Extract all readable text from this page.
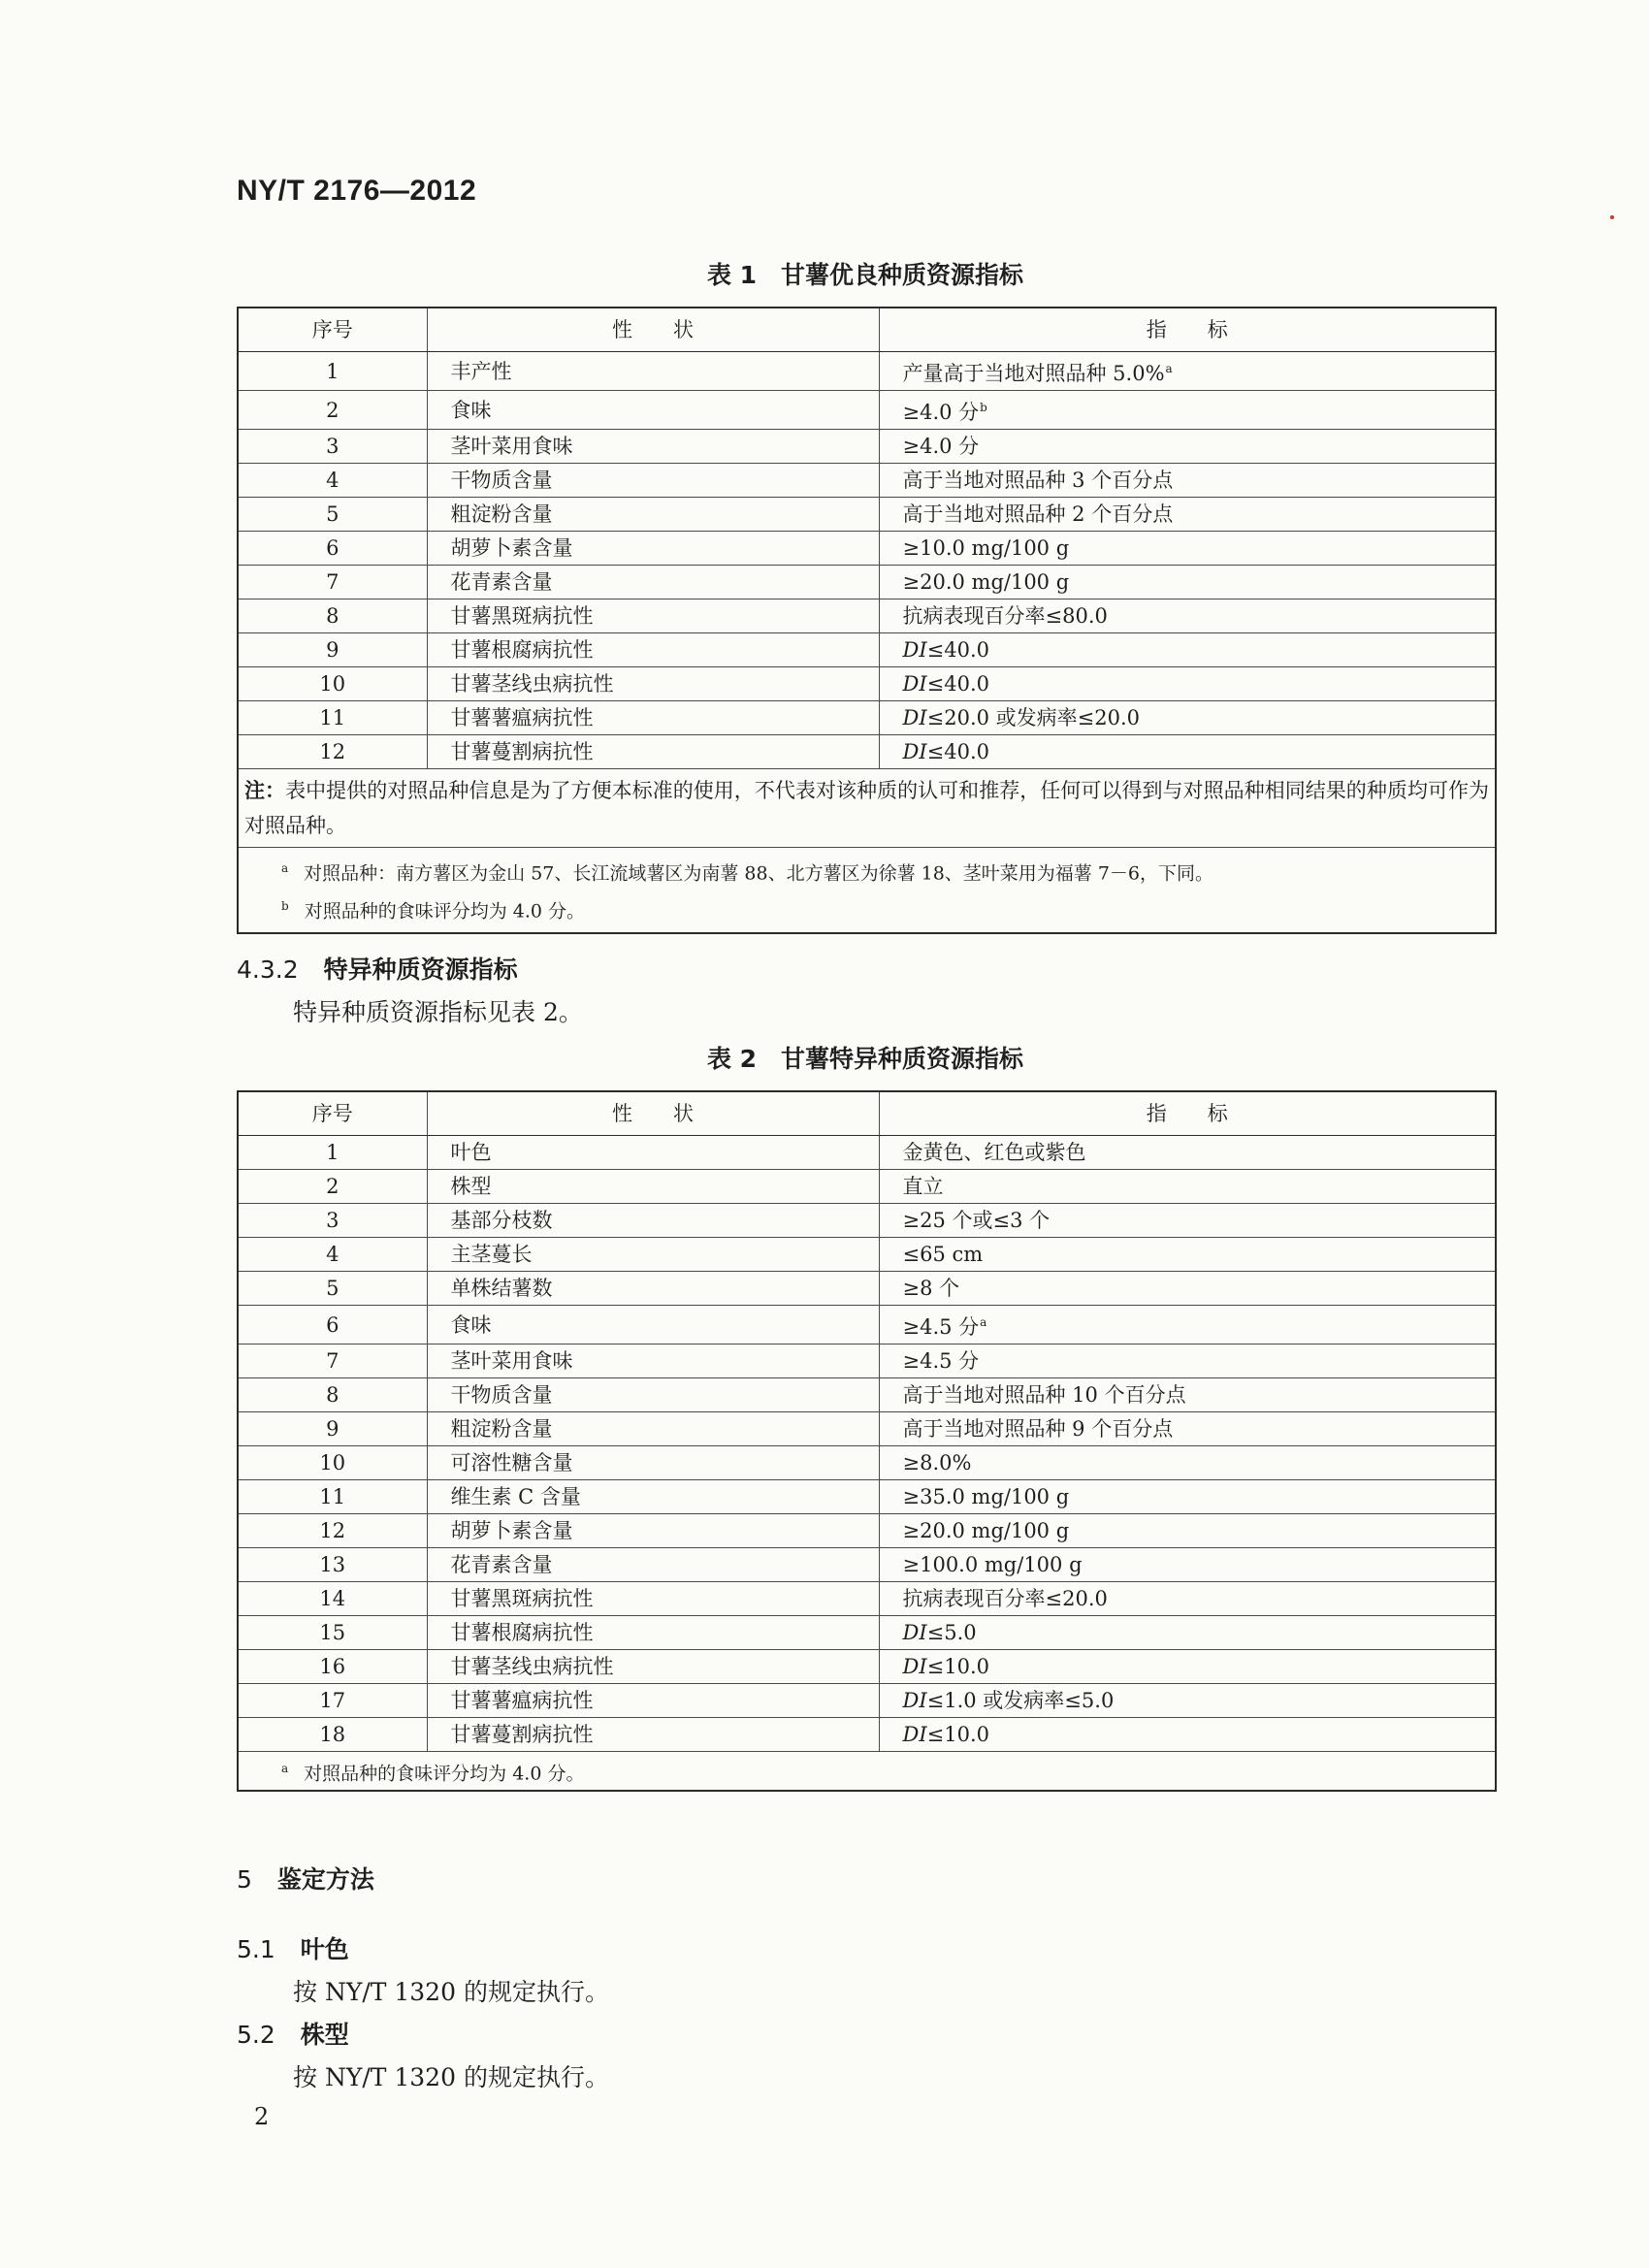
NY/T 2176—2012
表 1　甘薯优良种质资源指标
序号	性　　状	指　　标
1	丰产性	产量高于当地对照品种 5.0%$^a$
2	食味	≥4.0 分$^b$
3	茎叶菜用食味	≥4.0 分
4	干物质含量	高于当地对照品种 3 个百分点
5	粗淀粉含量	高于当地对照品种 2 个百分点
6	胡萝卜素含量	≥10.0 mg/100 g
7	花青素含量	≥20.0 mg/100 g
8	甘薯黑斑病抗性	抗病表现百分率≤80.0
9	甘薯根腐病抗性	DI≤40.0
10	甘薯茎线虫病抗性	DI≤40.0
11	甘薯薯瘟病抗性	DI≤20.0 或发病率≤20.0
12	甘薯蔓割病抗性	DI≤40.0
注：表中提供的对照品种信息是为了方便本标准的使用，不代表对该种质的认可和推荐，任何可以得到与对照品种相同结果的种质均可作为对照品种。		

$^a$ 对照品种：南方薯区为金山 57、长江流域薯区为南薯 88、北方薯区为徐薯 18、茎叶菜用为福薯 7－6，下同。
$^b$ 对照品种的食味评分均为 4.0 分。		
4.3.2 特异种质资源指标
特异种质资源指标见表 2。
表 2　甘薯特异种质资源指标
序号	性　　状	指　　标
1	叶色	金黄色、红色或紫色
2	株型	直立
3	基部分枝数	≥25 个或≤3 个
4	主茎蔓长	≤65 cm
5	单株结薯数	≥8 个
6	食味	≥4.5 分$^a$
7	茎叶菜用食味	≥4.5 分
8	干物质含量	高于当地对照品种 10 个百分点
9	粗淀粉含量	高于当地对照品种 9 个百分点
10	可溶性糖含量	≥8.0%
11	维生素 C 含量	≥35.0 mg/100 g
12	胡萝卜素含量	≥20.0 mg/100 g
13	花青素含量	≥100.0 mg/100 g
14	甘薯黑斑病抗性	抗病表现百分率≤20.0
15	甘薯根腐病抗性	DI≤5.0
16	甘薯茎线虫病抗性	DI≤10.0
17	甘薯薯瘟病抗性	DI≤1.0 或发病率≤5.0
18	甘薯蔓割病抗性	DI≤10.0

$^a$ 对照品种的食味评分均为 4.0 分。		
5 鉴定方法
5.1 叶色
按 NY/T 1320 的规定执行。
5.2 株型
按 NY/T 1320 的规定执行。
2
